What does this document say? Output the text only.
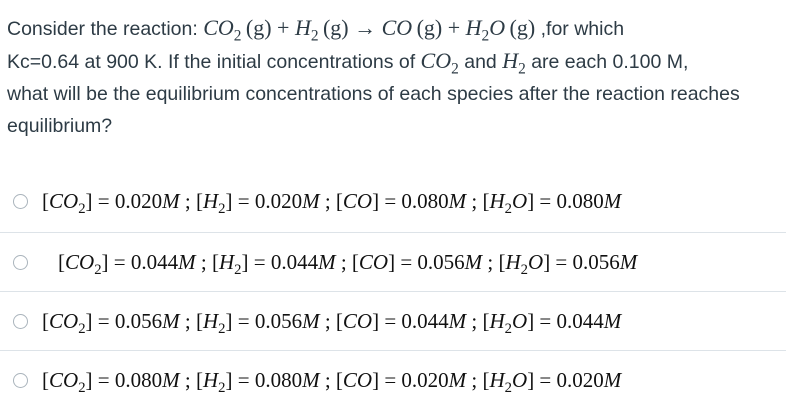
Consider the reaction: $CO_2$  $(g) + H_2$  (g) → CO  $(g) + H_2O$  (g) ,for which
Kc=0.64 at 900 K. If the initial concentrations of $CO_2$ and $H_2$ are each 0.100 M,
what will be the equilibrium concentrations of each species after the reaction reaches equilibrium?
$[CO_2] = 0.020M$ ; $[H_2] = 0.020M$ ; [CO] = 0.080M ; $[H_2O] = 0.080M$
$[CO_2] = 0.044M$ ; $[H_2] = 0.044M$ ; [CO] = 0.056M ; $[H_2O] = 0.056M$
$[CO_2] = 0.056M$ ; $[H_2] = 0.056M$ ; [CO] = 0.044M ; $[H_2O] = 0.044M$
$[CO_2] = 0.080M$ ; $[H_2] = 0.080M$ ; [CO] = 0.020M ; $[H_2O] = 0.020M$
